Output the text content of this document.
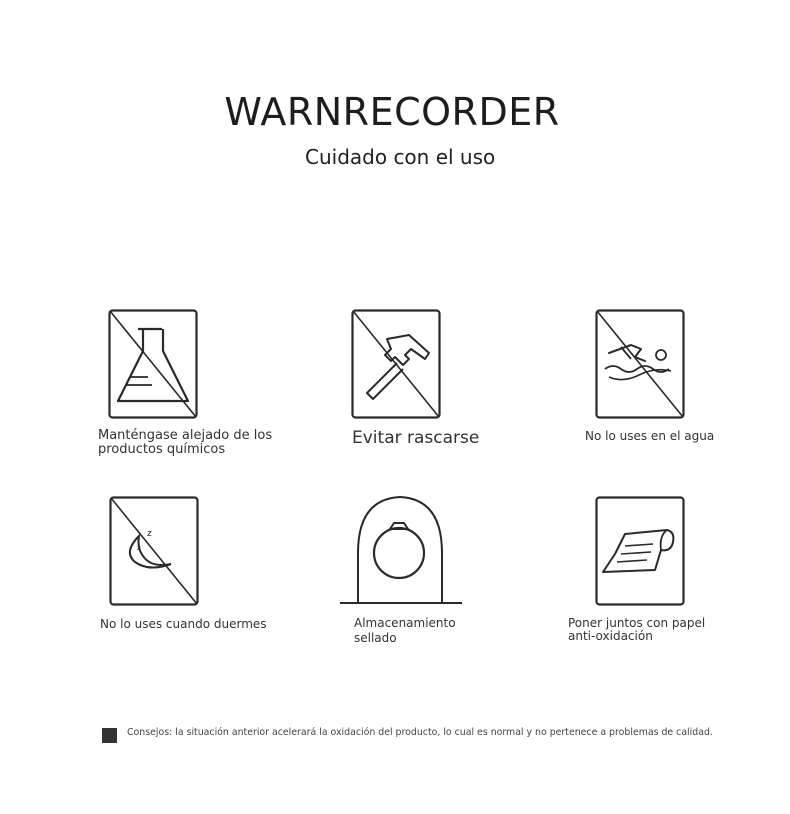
WARNRECORDER
Cuidado con el uso
Manténgase alejado de los
productos químicos
Evitar rascarse	No lo uses en el agua
z
z
No lo uses cuando duermes	Almacenamiento
sellado
Poner juntos con papel
anti-oxidación
Consejos: la situación anterior acelerará la oxidación del producto, lo cual es normal y no pertenece a problemas de calidad.
